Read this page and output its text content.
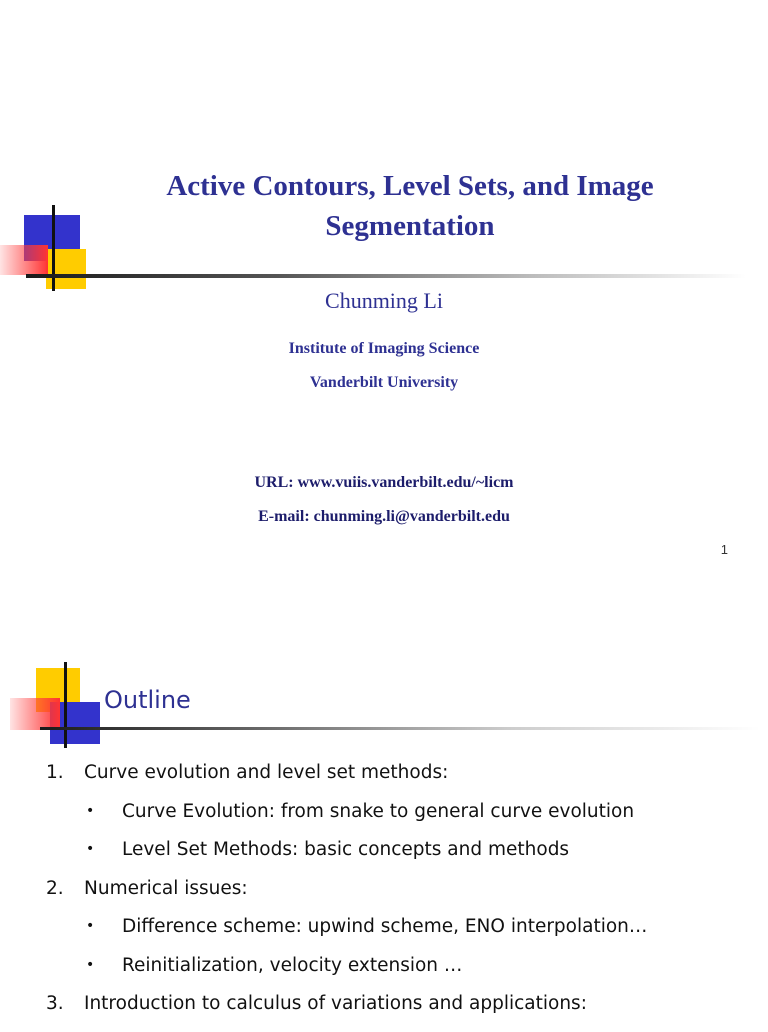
Active Contours, Level Sets, and Image
Segmentation
Chunming Li
Institute of Imaging Science
Vanderbilt University
URL: www.vuiis.vanderbilt.edu/~licm
E-mail: chunming.li@vanderbilt.edu
1
Outline
1. Curve evolution and level set methods:
• Curve Evolution: from snake to general curve evolution
• Level Set Methods: basic concepts and methods
2. Numerical issues:
• Difference scheme: upwind scheme, ENO interpolation…
• Reinitialization, velocity extension …
3. Introduction to calculus of variations and applications:
